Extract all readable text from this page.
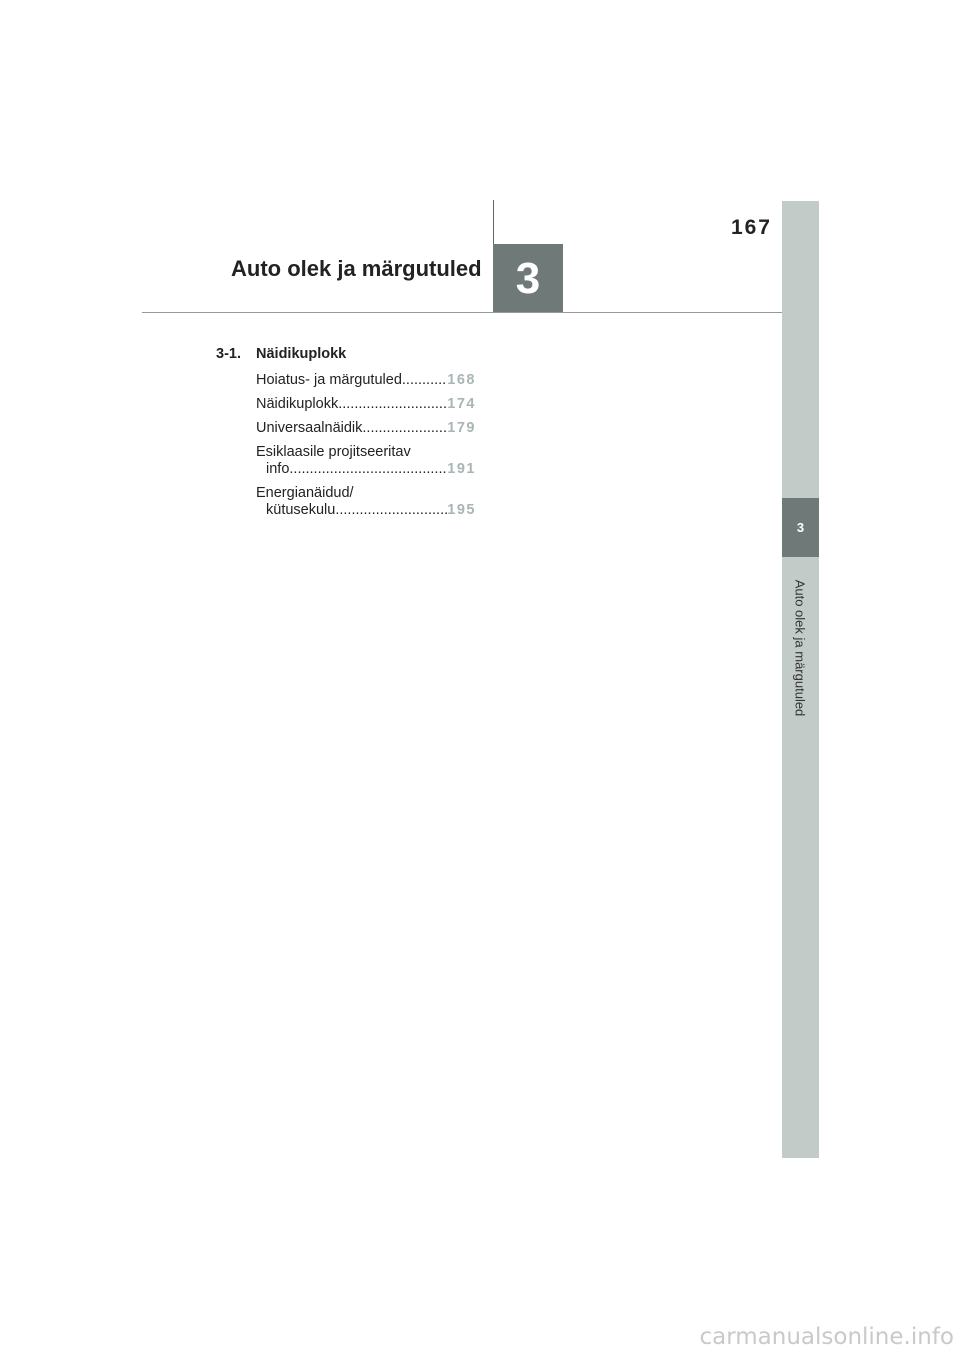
167
Auto olek ja märgutuled 3
3
Auto olek ja märgutuled
3-1. Näidikuplokk
Hoiatus- ja märgutuled .....	168
Näidikuplokk .....	174
Universaalnäidik .....	179
Esiklaasile projitseeritav
info .....	191
Energianäidud/
kütusekulu .....	195
carmanualsonline.info
